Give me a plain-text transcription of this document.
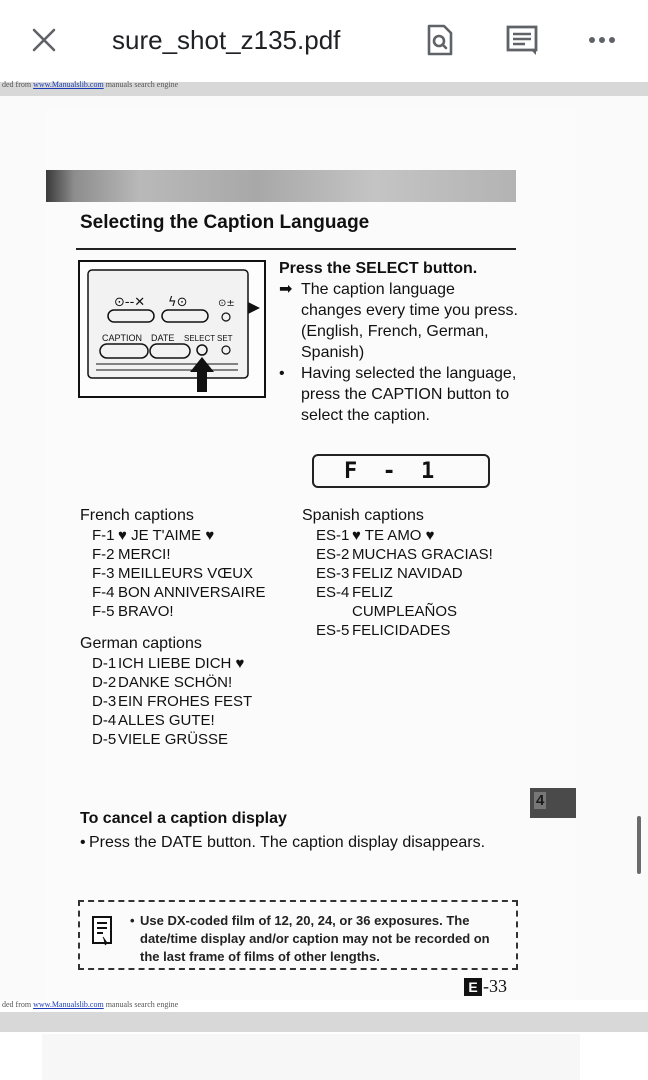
sure_shot_z135.pdf
ded from www.Manualslib.com manuals search engine
Selecting the Caption Language
⊙--✕ ϟ⊙	⊙±
CAPTION DATE SELECT SET
Press the SELECT button.
➡ The caption language changes every time you press. (English, French, German, Spanish)
•	Having selected the language, press the CAPTION button to select the caption.
F - 1
French captions
F-1 ♥ JE T'AIME ♥
F-2 MERCI!
F-3 MEILLEURS VŒUX
F-4 BON ANNIVERSAIRE
F-5 BRAVO!
German captions
D-1 ICH LIEBE DICH ♥
D-2 DANKE SCHÖN!
D-3 EIN FROHES FEST
D-4 ALLES GUTE!
D-5 VIELE GRÜSSE
Spanish captions
ES-1 ♥ TE AMO ♥
ES-2 MUCHAS GRACIAS!
ES-3 FELIZ NAVIDAD
ES-4 FELIZ CUMPLEAÑOS
ES-5 FELICIDADES
4
To cancel a caption display
• Press the DATE button. The caption display disappears.
• Use DX-coded film of 12, 20, 24, or 36 exposures. The date/time display and/or caption may not be recorded on the last frame of films of other lengths.
E -33
ded from www.Manualslib.com manuals search engine
